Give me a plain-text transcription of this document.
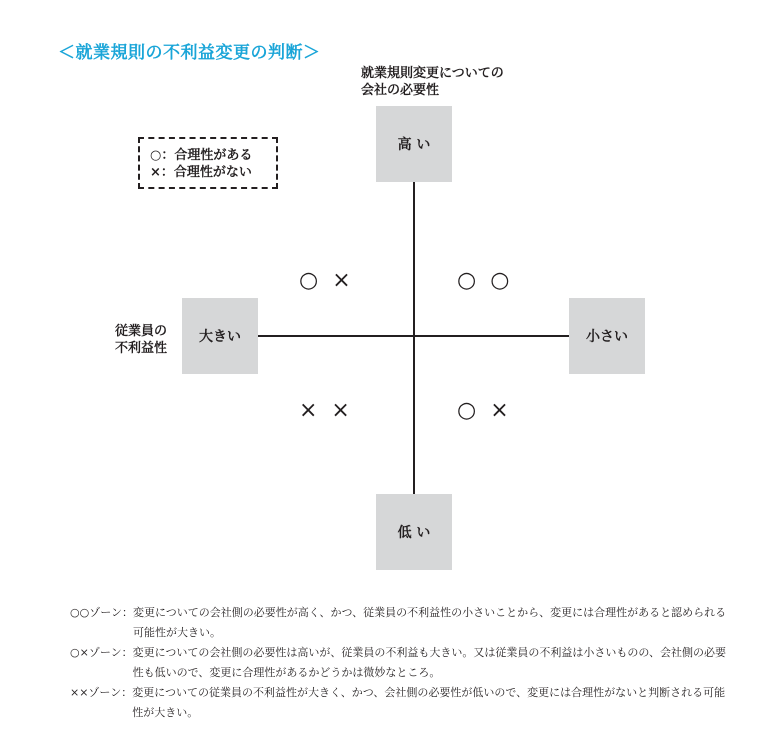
＜就業規則の不利益変更の判断＞
就業規則変更についての
会社の必要性
○：合理性がある
×：合理性がない
高 い
低 い
大きい	小さい
従業員の
不利益性
○×	○○
××	○×
○○ゾーン： 変更についての会社側の必要性が高く、かつ、従業員の不利益性の小さいことから、変更には合理性があると認められる可能性が大きい。
○×ゾーン： 変更についての会社側の必要性は高いが、従業員の不利益も大きい。又は従業員の不利益は小さいものの、会社側の必要性も低いので、変更に合理性があるかどうかは微妙なところ。
××ゾーン： 変更についての従業員の不利益性が大きく、かつ、会社側の必要性が低いので、変更には合理性がないと判断される可能性が大きい。
